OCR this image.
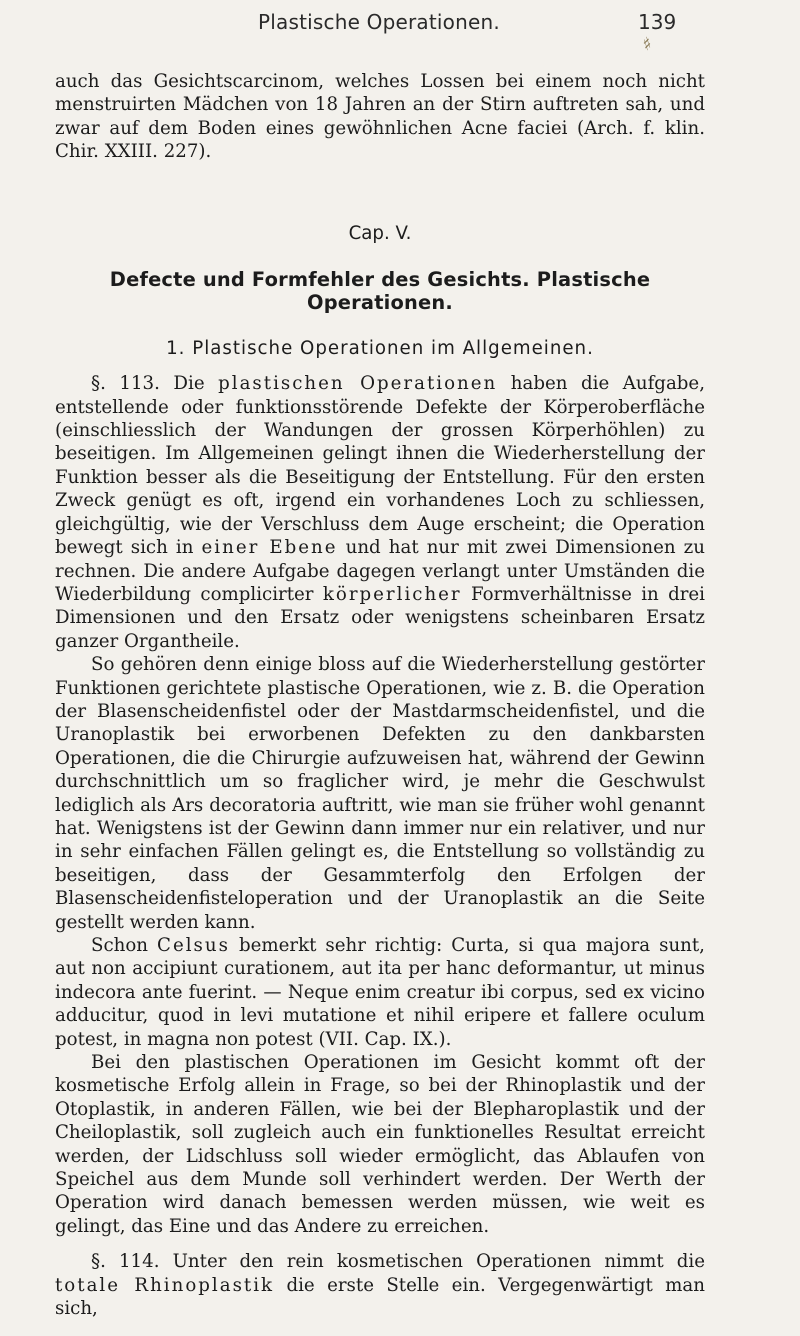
Plastische Operationen.	139
♯

auch das Gesichtscarcinom, welches Lossen bei einem noch nicht menstruirten Mädchen von 18 Jahren an der Stirn auftreten sah, und zwar auf dem Boden eines gewöhnlichen Acne faciei (Arch. f. klin. Chir. XXIII. 227).

Cap. V.

Defecte und Formfehler des Gesichts. Plastische Operationen.

1. Plastische Operationen im Allgemeinen.

§. 113. Die plastischen Operationen haben die Aufgabe, entstellende oder funktionsstörende Defekte der Körperoberfläche (einschliesslich der Wandungen der grossen Körperhöhlen) zu beseitigen. Im Allgemeinen gelingt ihnen die Wiederherstellung der Funktion besser als die Beseitigung der Entstellung. Für den ersten Zweck genügt es oft, irgend ein vorhandenes Loch zu schliessen, gleichgültig, wie der Verschluss dem Auge erscheint; die Operation bewegt sich in einer Ebene und hat nur mit zwei Dimensionen zu rechnen. Die andere Aufgabe dagegen verlangt unter Umständen die Wiederbildung complicirter körperlicher Formverhältnisse in drei Dimensionen und den Ersatz oder wenigstens scheinbaren Ersatz ganzer Organtheile.

So gehören denn einige bloss auf die Wiederherstellung gestörter Funktionen gerichtete plastische Operationen, wie z. B. die Operation der Blasenscheidenfistel oder der Mastdarmscheidenfistel, und die Uranoplastik bei erworbenen Defekten zu den dankbarsten Operationen, die die Chirurgie aufzuweisen hat, während der Gewinn durchschnittlich um so fraglicher wird, je mehr die Geschwulst lediglich als Ars decoratoria auftritt, wie man sie früher wohl genannt hat. Wenigstens ist der Gewinn dann immer nur ein relativer, und nur in sehr einfachen Fällen gelingt es, die Entstellung so vollständig zu beseitigen, dass der Gesammterfolg den Erfolgen der Blasenscheidenfisteloperation und der Uranoplastik an die Seite gestellt werden kann.

Schon Celsus bemerkt sehr richtig: Curta, si qua majora sunt, aut non accipiunt curationem, aut ita per hanc deformantur, ut minus indecora ante fuerint. — Neque enim creatur ibi corpus, sed ex vicino adducitur, quod in levi mutatione et nihil eripere et fallere oculum potest, in magna non potest (VII. Cap. IX.).

Bei den plastischen Operationen im Gesicht kommt oft der kosmetische Erfolg allein in Frage, so bei der Rhinoplastik und der Otoplastik, in anderen Fällen, wie bei der Blepharoplastik und der Cheiloplastik, soll zugleich auch ein funktionelles Resultat erreicht werden, der Lidschluss soll wieder ermöglicht, das Ablaufen von Speichel aus dem Munde soll verhindert werden. Der Werth der Operation wird danach bemessen werden müssen, wie weit es gelingt, das Eine und das Andere zu erreichen.

§. 114. Unter den rein kosmetischen Operationen nimmt die totale Rhinoplastik die erste Stelle ein. Vergegenwärtigt man sich,
